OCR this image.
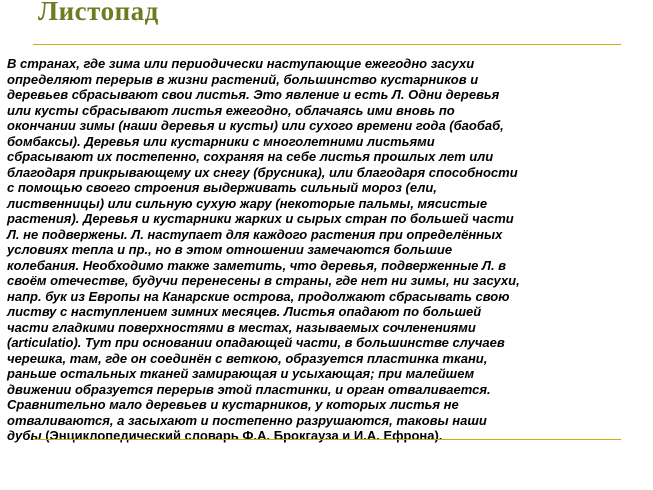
Листопад

В странах, где зима или периодически наступающие ежегодно засухи
определяют перерыв в жизни растений, большинство кустарников и
деревьев сбрасывают свои листья. Это явление и есть Л. Одни деревья
или кусты сбрасывают листья ежегодно, облачаясь ими вновь по
окончании зимы (наши деревья и кусты) или сухого времени года (баобаб,
бомбаксы). Деревья или кустарники с многолетними листьями
сбрасывают их постепенно, сохраняя на себе листья прошлых лет или
благодаря прикрывающему их снегу (брусника), или благодаря способности
с помощью своего строения выдерживать сильный мороз (ели,
лиственницы) или сильную сухую жару (некоторые пальмы, мясистые
растения). Деревья и кустарники жарких и сырых стран по большей части
Л. не подвержены. Л. наступает для каждого растения при определённых
условиях тепла и пр., но в этом отношении замечаются большие
колебания. Необходимо также заметить, что деревья, подверженные Л. в
своём отечестве, будучи перенесены в страны, где нет ни зимы, ни засухи,
напр. бук из Европы на Канарские острова, продолжают сбрасывать свою
листву с наступлением зимних месяцев. Листья опадают по большей
части гладкими поверхностями в местах, называемых сочленениями
(articulatio). Тут при основании опадающей части, в большинстве случаев
черешка, там, где он соединён с веткою, образуется пластинка ткани,
раньше остальных тканей замирающая и усыхающая; при малейшем
движении образуется перерыв этой пластинки, и орган отваливается.
Сравнительно мало деревьев и кустарников, у которых листья не
отваливаются, а засыхают и постепенно разрушаются, таковы наши
дубы (Энциклопедический словарь Ф.А. Брокгауза и И.А. Ефрона).
